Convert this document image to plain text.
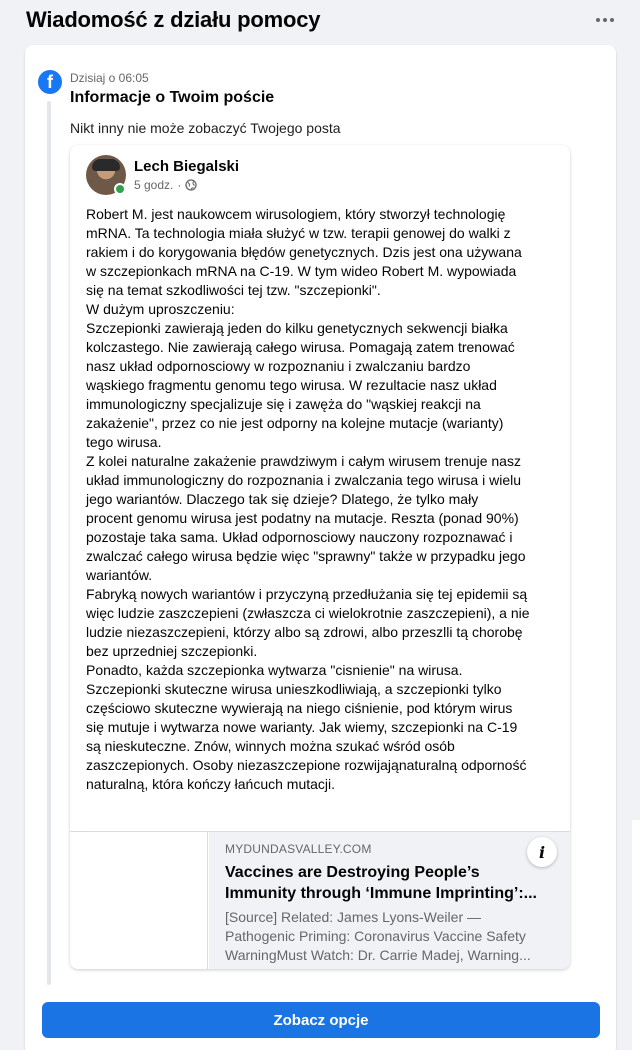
Wiadomość z działu pomocy
f	Dzisiaj o 06:05
Informacje o Twoim poście
Nikt inny nie może zobaczyć Twojego posta
Lech Biegalski
5 godz. ·

Robert M. jest naukowcem wirusologiem, który stworzył technologię

mRNA. Ta technologia miała służyć w tzw. terapii genowej do walki z

rakiem i do korygowania błędów genetycznych. Dzis jest ona używana

w szczepionkach mRNA na C-19. W tym wideo Robert M. wypowiada

się na temat szkodliwości tej tzw. "szczepionki".

W dużym uproszczeniu:

Szczepionki zawierają jeden do kilku genetycznych sekwencji białka

kolczastego. Nie zawierają całego wirusa. Pomagają zatem trenować

nasz układ odpornosciowy w rozpoznaniu i zwalczaniu bardzo

wąskiego fragmentu genomu tego wirusa. W rezultacie nasz układ

immunologiczny specjalizuje się i zawęża do "wąskiej reakcji na

zakażenie", przez co nie jest odporny na kolejne mutacje (warianty)

tego wirusa.

Z kolei naturalne zakażenie prawdziwym i całym wirusem trenuje nasz

układ immunologiczny do rozpoznania i zwalczania tego wirusa i wielu

jego wariantów. Dlaczego tak się dzieje? Dlatego, że tylko mały

procent genomu wirusa jest podatny na mutacje. Reszta (ponad 90%)

pozostaje taka sama. Układ odpornosciowy nauczony rozpoznawać i

zwalczać całego wirusa będzie więc "sprawny" także w przypadku jego

wariantów.

Fabryką nowych wariantów i przyczyną przedłużania się tej epidemii są

więc ludzie zaszczepieni (zwłaszcza ci wielokrotnie zaszczepieni), a nie

ludzie niezaszczepieni, którzy albo są zdrowi, albo przeszlli tą chorobę

bez uprzedniej szczepionki.

Ponadto, każda szczepionka wytwarza "cisnienie" na wirusa.

Szczepionki skuteczne wirusa unieszkodliwiają, a szczepionki tylko

częściowo skuteczne wywierają na niego ciśnienie, pod którym wirus

się mutuje i wytwarza nowe warianty. Jak wiemy, szczepionki na C-19

są nieskuteczne. Znów, winnych można szukać wśród osób

zaszczepionych. Osoby niezaszczepione rozwijająnaturalną odporność

naturalną, która kończy łańcuch mutacji.

MYDUNDASVALLEY.COM
Vaccines are Destroying People’s
Immunity through ‘Immune Imprinting’:...
[Source] Related: James Lyons-Weiler —
Pathogenic Priming: Coronavirus Vaccine Safety
WarningMust Watch: Dr. Carrie Madej, Warning...
i
Zobacz opcje
